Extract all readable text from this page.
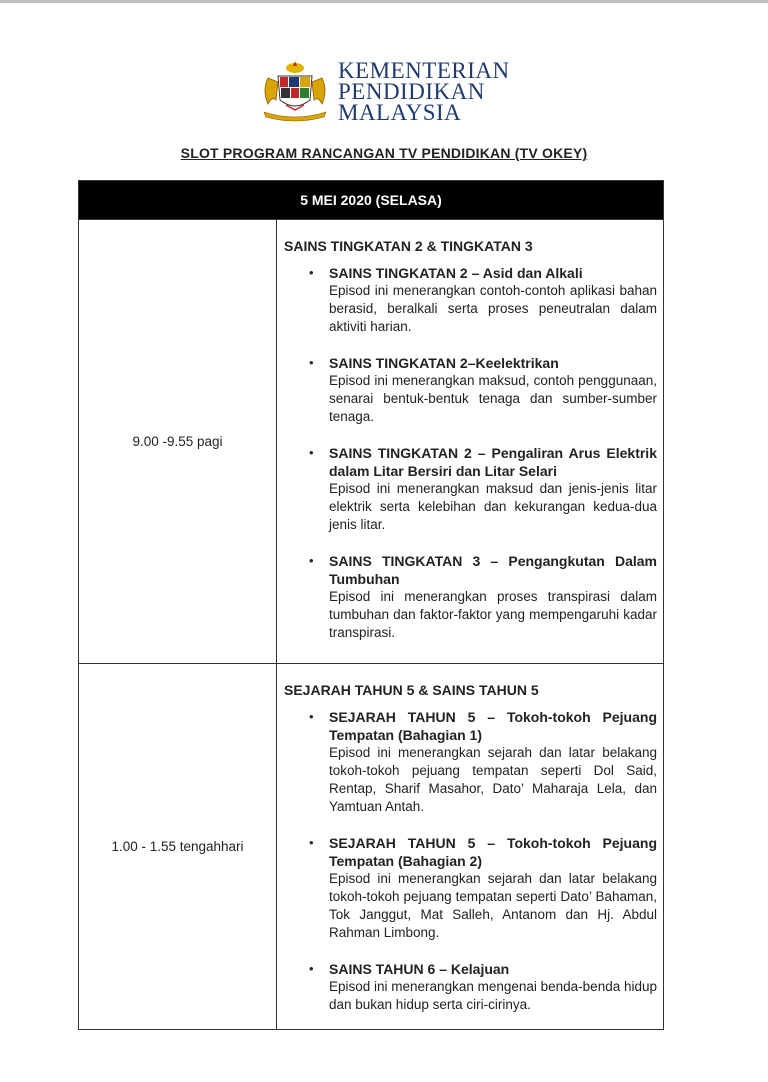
KEMENTERIAN
PENDIDIKAN
MALAYSIA
SLOT PROGRAM RANCANGAN TV PENDIDIKAN (TV OKEY)
5 MEI 2020 (SELASA)
9.00 -9.55 pagi
SAINS TINGKATAN 2 & TINGKATAN 3
• SAINS TINGKATAN 2 – Asid dan Alkali
Episod ini menerangkan contoh-contoh aplikasi bahan berasid, beralkali serta proses peneutralan dalam aktiviti harian.
• SAINS TINGKATAN 2–Keelektrikan
Episod ini menerangkan maksud, contoh penggunaan, senarai bentuk-bentuk tenaga dan sumber-sumber tenaga.
• SAINS TINGKATAN 2 – Pengaliran Arus Elektrik dalam Litar Bersiri dan Litar Selari
Episod ini menerangkan maksud dan jenis-jenis litar elektrik serta kelebihan dan kekurangan kedua-dua jenis litar.
• SAINS TINGKATAN 3 – Pengangkutan Dalam Tumbuhan
Episod ini menerangkan proses transpirasi dalam tumbuhan dan faktor-faktor yang mempengaruhi kadar transpirasi.
1.00 - 1.55 tengahhari
SEJARAH TAHUN 5 & SAINS TAHUN 5
• SEJARAH TAHUN 5 – Tokoh-tokoh Pejuang Tempatan (Bahagian 1)
Episod ini menerangkan sejarah dan latar belakang tokoh-tokoh pejuang tempatan seperti Dol Said, Rentap, Sharif Masahor, Dato’ Maharaja Lela, dan Yamtuan Antah.
• SEJARAH TAHUN 5 – Tokoh-tokoh Pejuang Tempatan (Bahagian 2)
Episod ini menerangkan sejarah dan latar belakang tokoh-tokoh pejuang tempatan seperti Dato’ Bahaman, Tok Janggut, Mat Salleh, Antanom dan Hj. Abdul Rahman Limbong.
• SAINS TAHUN 6 – Kelajuan
Episod ini menerangkan mengenai benda-benda hidup dan bukan hidup serta ciri-cirinya.
